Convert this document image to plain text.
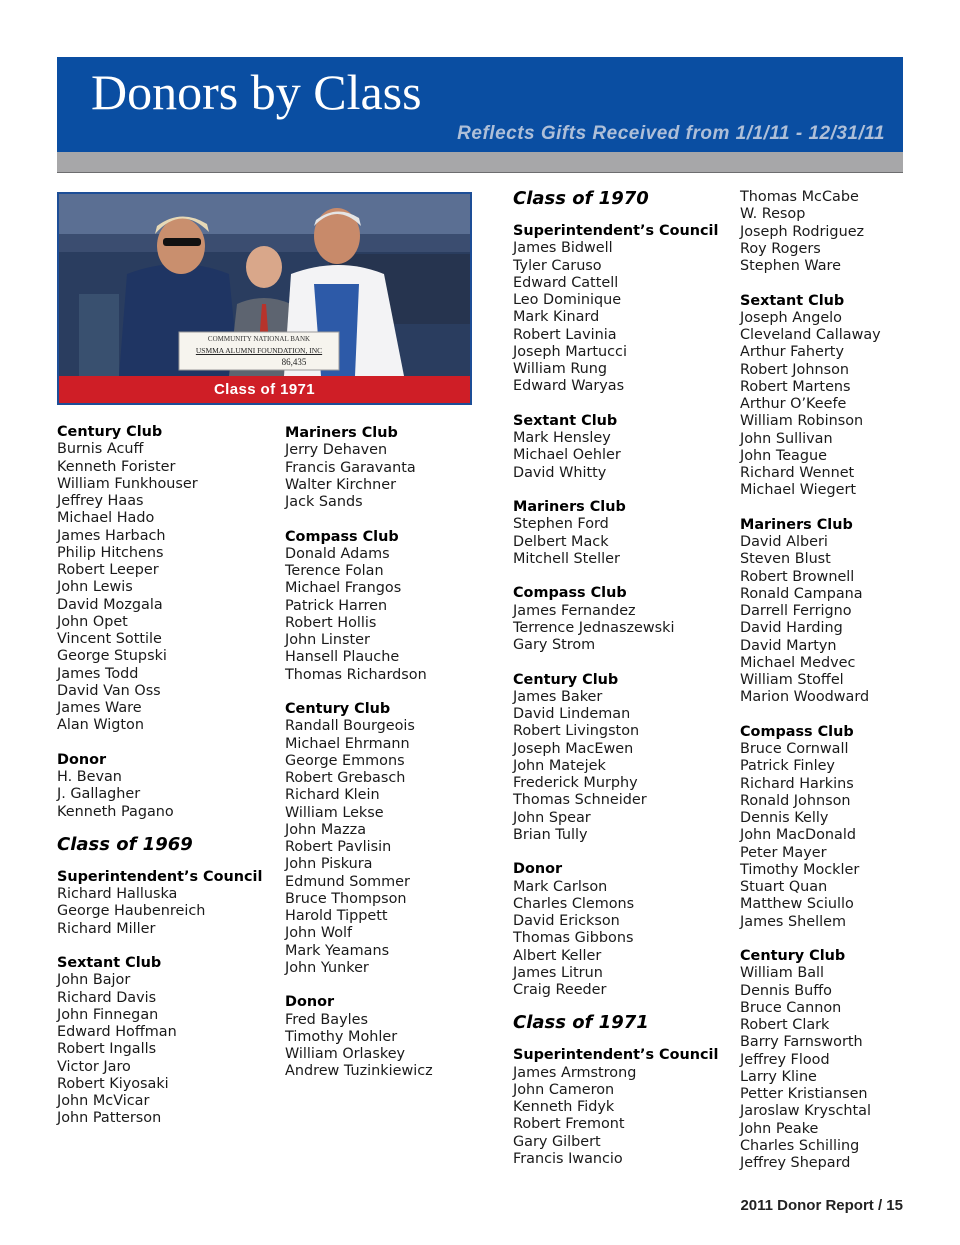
Donors by Class
Reflects Gifts Received from 1/1/11 - 12/31/11
COMMUNITY NATIONAL BANK
USMMA ALUMNI FOUNDATION, INC
86,435
Class of 1971
Century Club
Burnis Acuff
Kenneth Forister
William Funkhouser
Jeffrey Haas
Michael Hado
James Harbach
Philip Hitchens
Robert Leeper
John Lewis
David Mozgala
John Opet
Vincent Sottile
George Stupski
James Todd
David Van Oss
James Ware
Alan Wigton
Donor
H. Bevan
J. Gallagher
Kenneth Pagano
Class of 1969
Superintendent’s Council
Richard Halluska
George Haubenreich
Richard Miller
Sextant Club
John Bajor
Richard Davis
John Finnegan
Edward Hoffman
Robert Ingalls
Victor Jaro
Robert Kiyosaki
John McVicar
John Patterson
Mariners Club
Jerry Dehaven
Francis Garavanta
Walter Kirchner
Jack Sands
Compass Club
Donald Adams
Terence Folan
Michael Frangos
Patrick Harren
Robert Hollis
John Linster
Hansell Plauche
Thomas Richardson
Century Club
Randall Bourgeois
Michael Ehrmann
George Emmons
Robert Grebasch
Richard Klein
William Lekse
John Mazza
Robert Pavlisin
John Piskura
Edmund Sommer
Bruce Thompson
Harold Tippett
John Wolf
Mark Yeamans
John Yunker
Donor
Fred Bayles
Timothy Mohler
William Orlaskey
Andrew Tuzinkiewicz
Class of 1970
Superintendent’s Council
James Bidwell
Tyler Caruso
Edward Cattell
Leo Dominique
Mark Kinard
Robert Lavinia
Joseph Martucci
William Rung
Edward Waryas
Sextant Club
Mark Hensley
Michael Oehler
David Whitty
Mariners Club
Stephen Ford
Delbert Mack
Mitchell Steller
Compass Club
James Fernandez
Terrence Jednaszewski
Gary Strom
Century Club
James Baker
David Lindeman
Robert Livingston
Joseph MacEwen
John Matejek
Frederick Murphy
Thomas Schneider
John Spear
Brian Tully
Donor
Mark Carlson
Charles Clemons
David Erickson
Thomas Gibbons
Albert Keller
James Litrun
Craig Reeder
Class of 1971
Superintendent’s Council
James Armstrong
John Cameron
Kenneth Fidyk
Robert Fremont
Gary Gilbert
Francis Iwancio
Thomas McCabe
W. Resop
Joseph Rodriguez
Roy Rogers
Stephen Ware
Sextant Club
Joseph Angelo
Cleveland Callaway
Arthur Faherty
Robert Johnson
Robert Martens
Arthur O’Keefe
William Robinson
John Sullivan
John Teague
Richard Wennet
Michael Wiegert
Mariners Club
David Alberi
Steven Blust
Robert Brownell
Ronald Campana
Darrell Ferrigno
David Harding
David Martyn
Michael Medvec
William Stoffel
Marion Woodward
Compass Club
Bruce Cornwall
Patrick Finley
Richard Harkins
Ronald Johnson
Dennis Kelly
John MacDonald
Peter Mayer
Timothy Mockler
Stuart Quan
Matthew Sciullo
James Shellem
Century Club
William Ball
Dennis Buffo
Bruce Cannon
Robert Clark
Barry Farnsworth
Jeffrey Flood
Larry Kline
Petter Kristiansen
Jaroslaw Kryschtal
John Peake
Charles Schilling
Jeffrey Shepard
2011 Donor Report / 15
